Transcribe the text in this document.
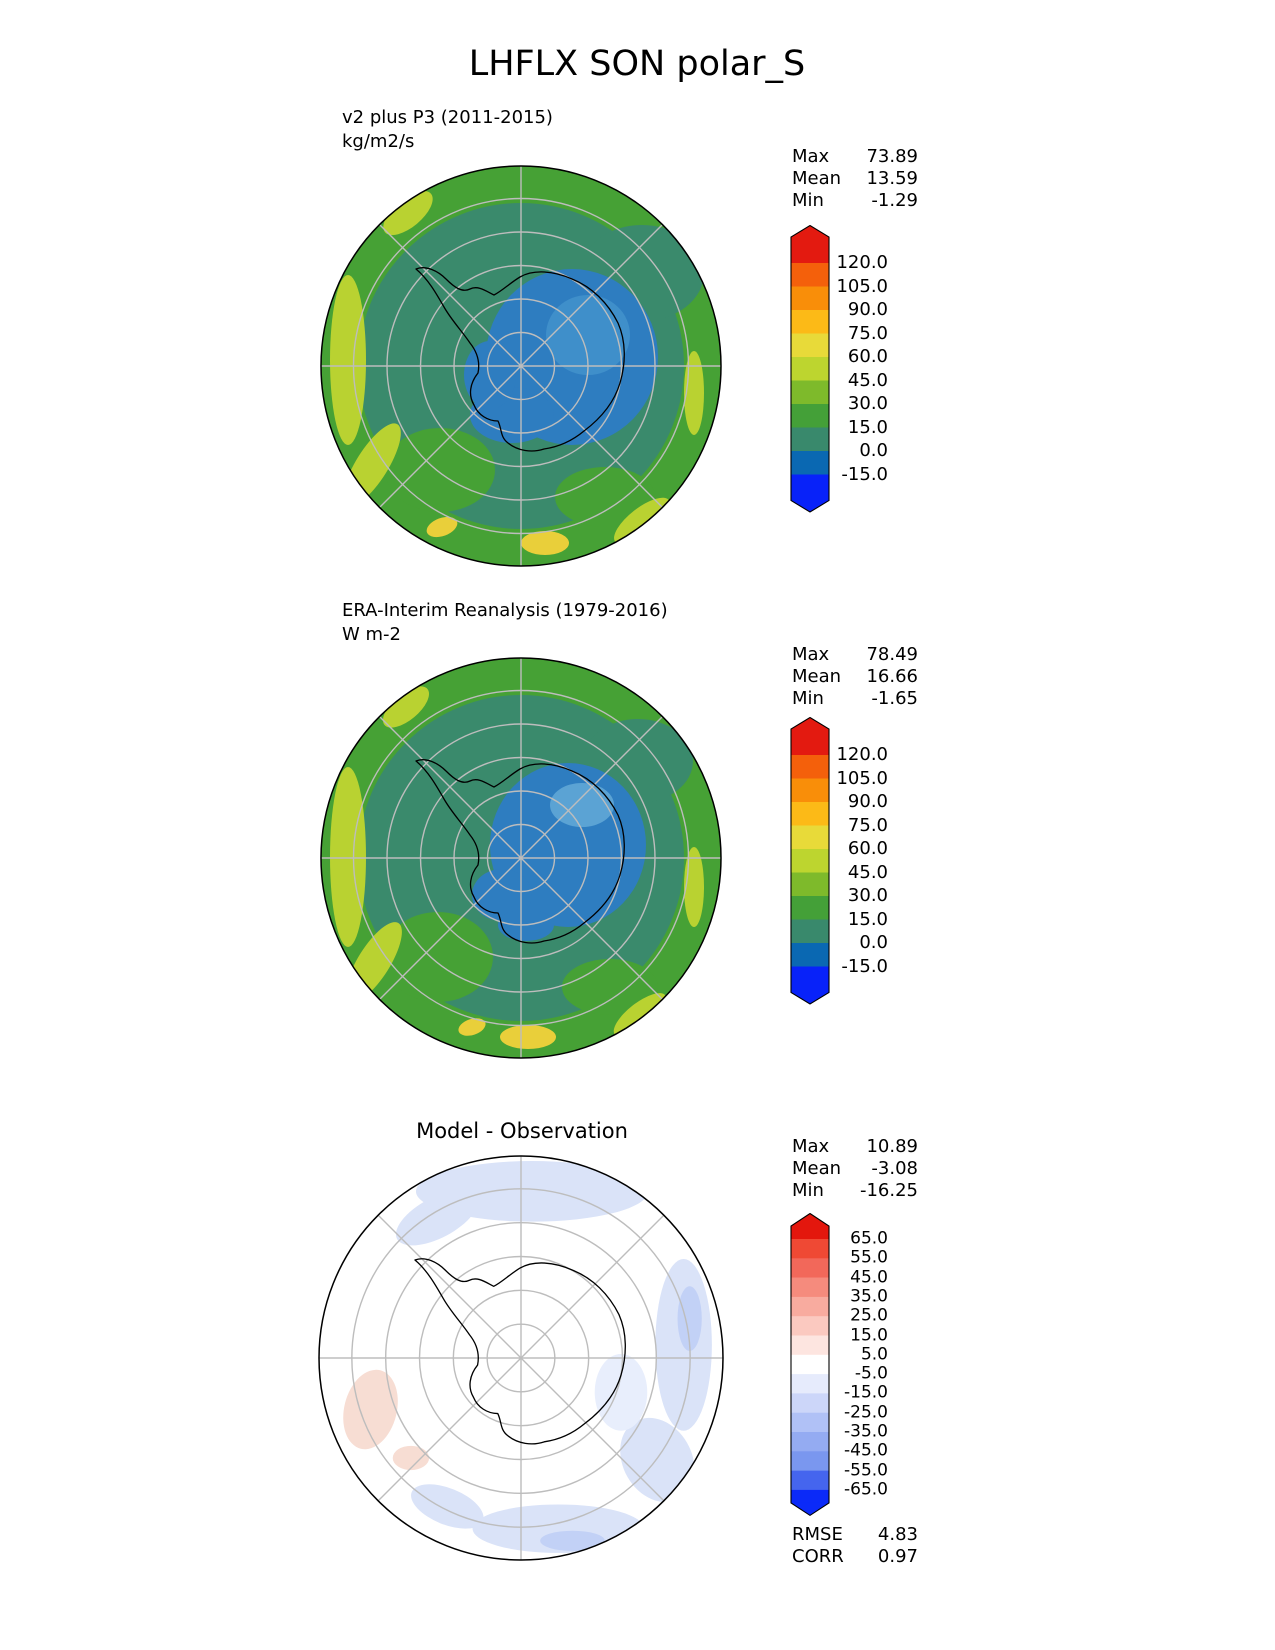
LHFLX SON polar_S
v2 plus P3 (2011-2015)
kg/m2/s
Max 73.89
Mean 13.59
Min	-1.29
120.0
105.0
90.0
75.0
60.0
45.0
30.0
15.0
0.0
-15.0
ERA-Interim Reanalysis (1979-2016)
W m-2
Max 78.49
Mean 16.66
Min	-1.65
120.0
105.0
90.0
75.0
60.0
45.0
30.0
15.0
0.0
-15.0
Model - Observation
Max 10.89
Mean -3.08
Min -16.25
65.0
55.0
45.0
35.0
25.0
15.0
5.0
-5.0
-15.0
-25.0
-35.0
-45.0
-55.0
-65.0
RMSE 4.83
CORR 0.97
